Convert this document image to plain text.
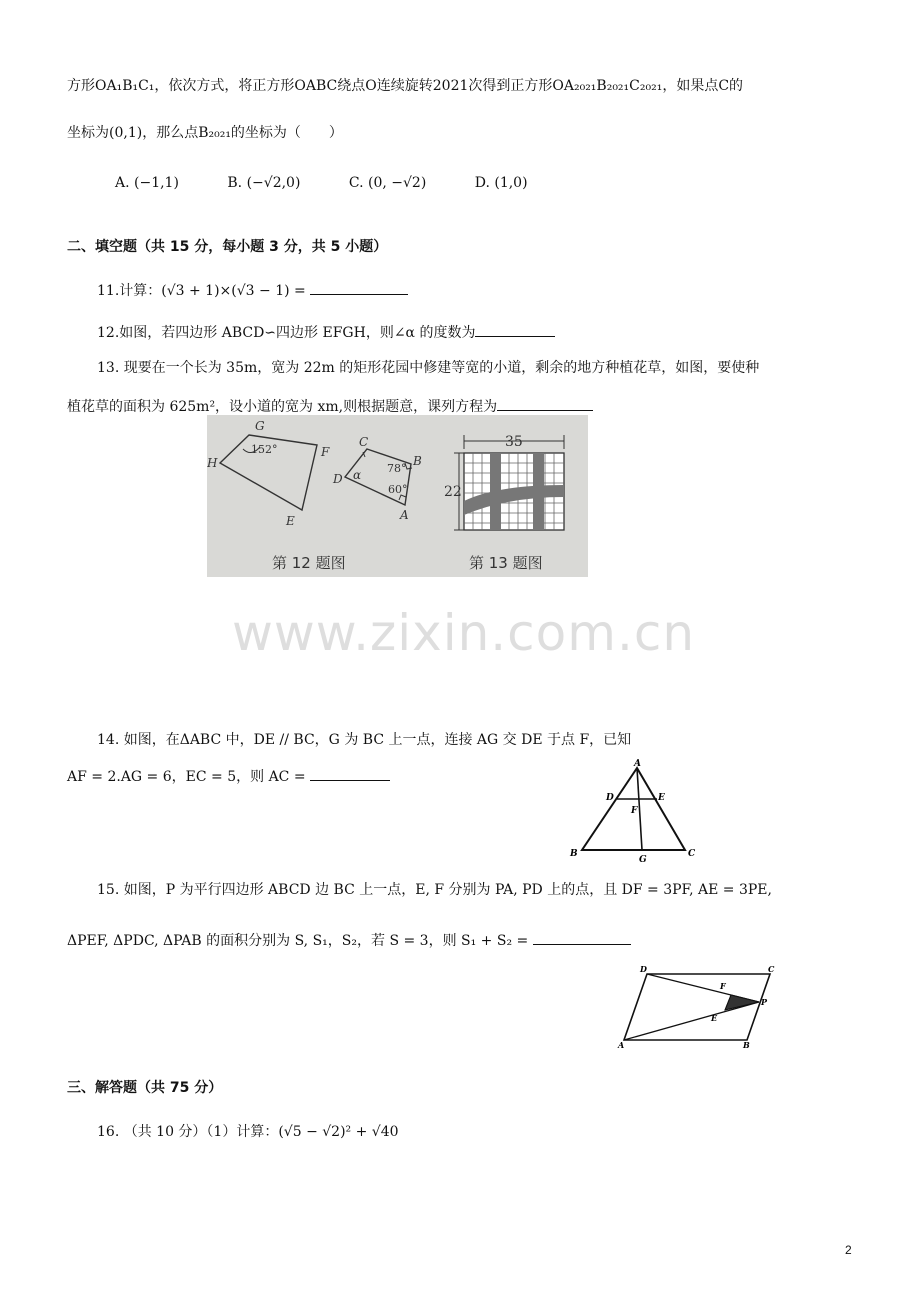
方形OA₁B₁C₁，依次方式，将正方形OABC绕点O连续旋转2021次得到正方形OA₂₀₂₁B₂₀₂₁C₂₀₂₁，如果点C的
坐标为(0,1)，那么点B₂₀₂₁的坐标为（　　）
A. (−1,1)	B. (−√2,0)	C. (0, −√2)	D. (1,0)
二、填空题（共 15 分，每小题 3 分，共 5 小题）
11.计算：(√3 + 1)×(√3 − 1) =
12.如图，若四边形 ABCD∽四边形 EFGH，则∠α 的度数为
13. 现要在一个长为 35m，宽为 22m 的矩形花园中修建等宽的小道，剩余的地方种植花草，如图，要使种
植花草的面积为 625m²，设小道的宽为 xm,则根据题意，课列方程为
G
152°
H
F
E
C
D α 78°
60°
B
A
第 12 题图
35
22
第 13 题图
www.zixin.com.cn
14. 如图，在ΔABC 中，DE // BC，G 为 BC 上一点，连接 AG 交 DE 于点 F，已知
AF = 2.AG = 6，EC = 5，则 AC =
A
D	E
F
B
G
C
15. 如图，P 为平行四边形 ABCD 边 BC 上一点，E, F 分别为 PA, PD 上的点，且 DF = 3PF, AE = 3PE,
ΔPEF, ΔPDC, ΔPAB 的面积分别为 S, S₁，S₂，若 S = 3，则 S₁ + S₂ =
D	C
F
P
E
A	B
三、解答题（共 75 分）
16. （共 10 分）（1）计算：(√5 − √2)² + √40
2
